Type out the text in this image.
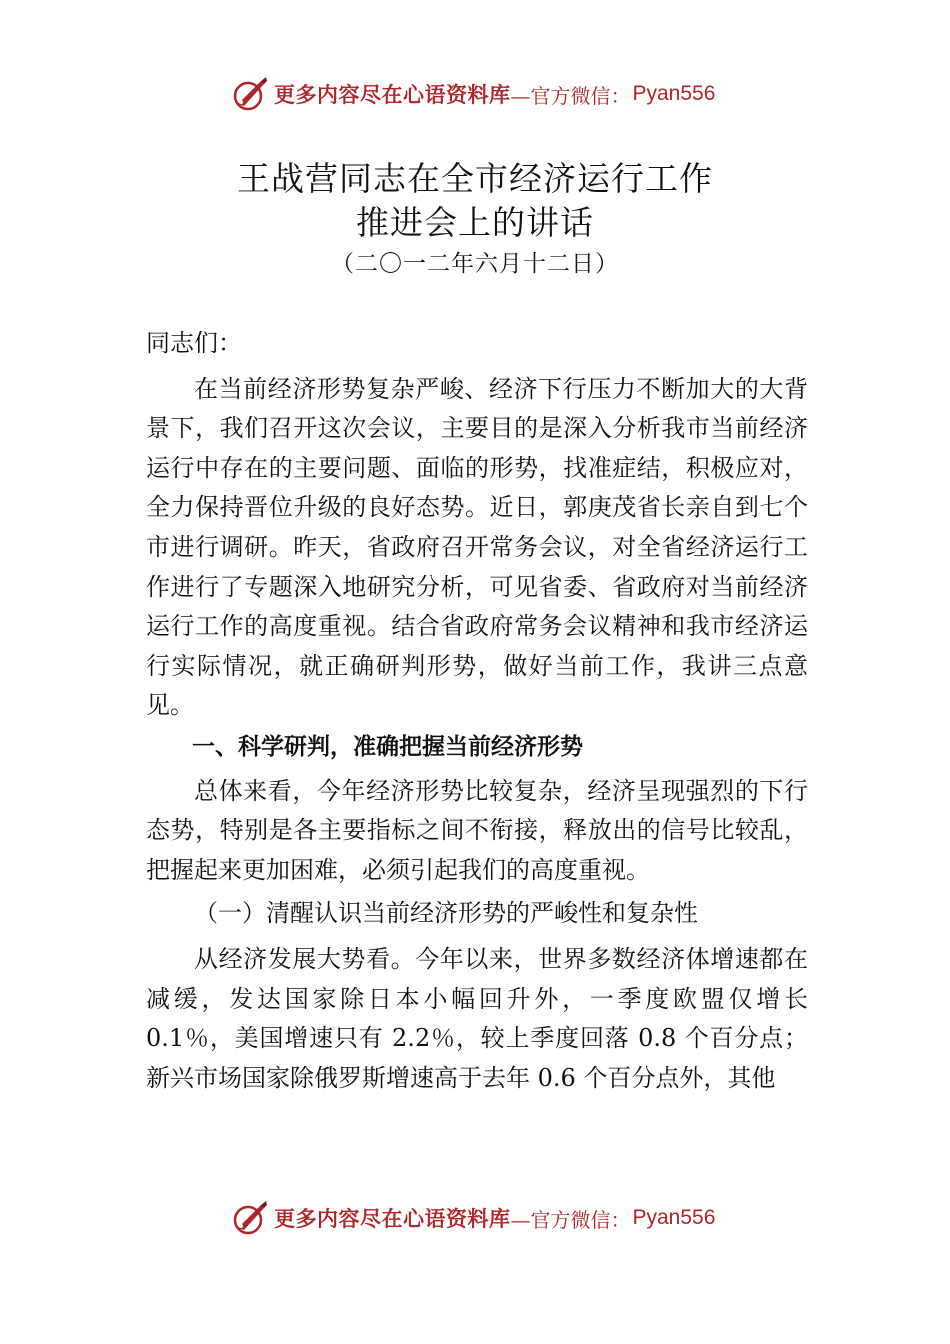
更多内容尽在心语资料库 —官方微信： Pyan556
王战营同志在全市经济运行工作
推进会上的讲话
（二〇一二年六月十二日）

同志们：

在当前经济形势复杂严峻、经济下行压力不断加大的大背景下，我们召开这次会议，主要目的是深入分析我市当前经济运行中存在的主要问题、面临的形势，找准症结，积极应对，全力保持晋位升级的良好态势。近日，郭庚茂省长亲自到七个市进行调研。昨天，省政府召开常务会议，对全省经济运行工作进行了专题深入地研究分析，可见省委、省政府对当前经济运行工作的高度重视。结合省政府常务会议精神和我市经济运行实际情况，就正确研判形势，做好当前工作，我讲三点意见。

一、科学研判，准确把握当前经济形势

总体来看，今年经济形势比较复杂，经济呈现强烈的下行态势，特别是各主要指标之间不衔接，释放出的信号比较乱，把握起来更加困难，必须引起我们的高度重视。

（一）清醒认识当前经济形势的严峻性和复杂性

从经济发展大势看。今年以来，世界多数经济体增速都在减缓，发达国家除日本小幅回升外，一季度欧盟仅增长 0.1％，美国增速只有 2.2％，较上季度回落 0.8 个百分点；新兴市场国家除俄罗斯增速高于去年 0.6 个百分点外，其他

更多内容尽在心语资料库 —官方微信： Pyan556
